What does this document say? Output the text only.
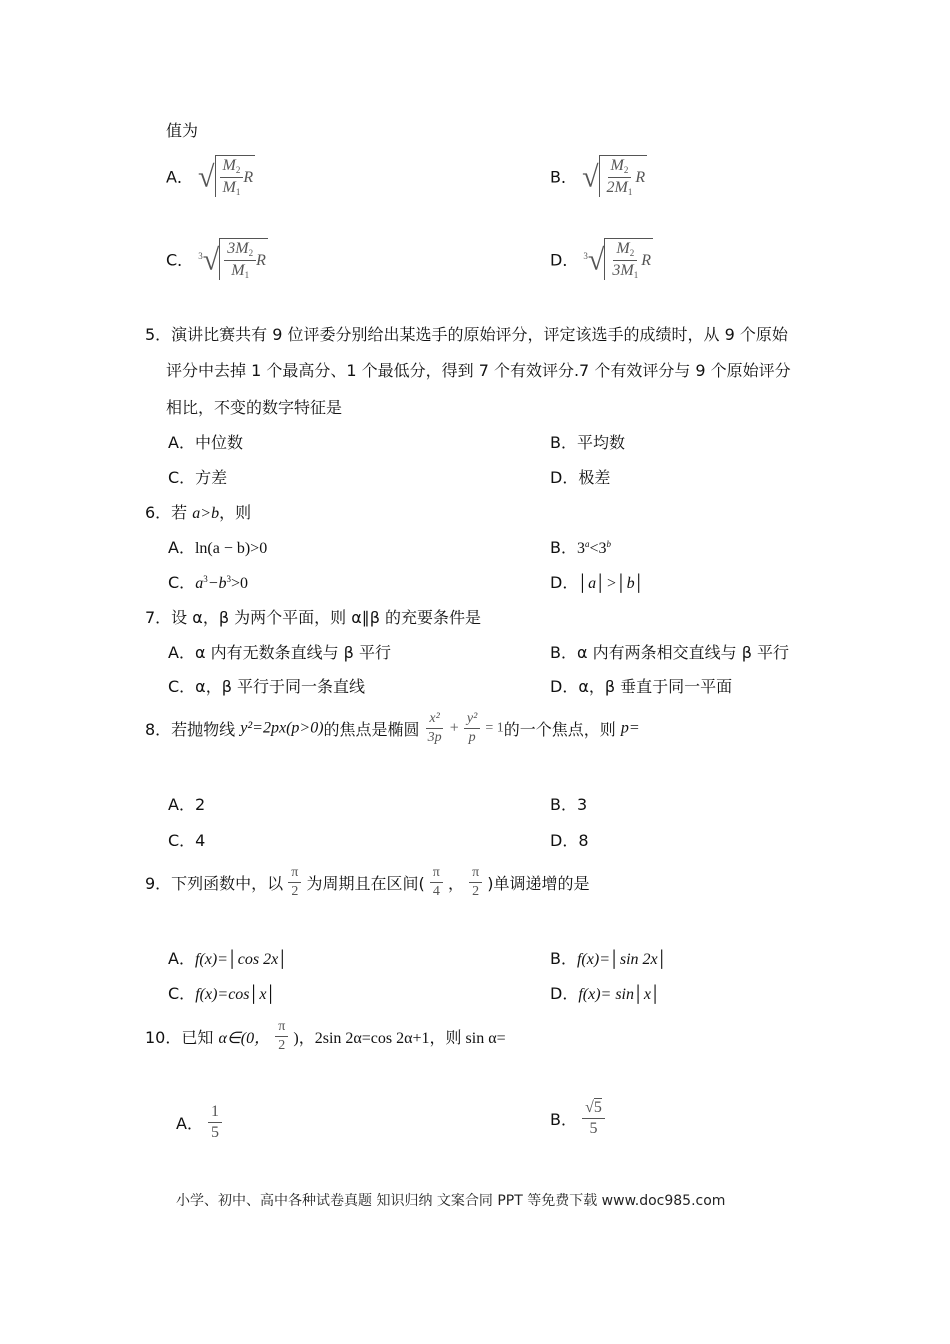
值为
A． √ $\frac{M_2}{M_1}$ R	B． √ $\frac{M_2}{2M_1}$ R
C． $^3√ \frac{3M_2}{M_1}$ R	D． $^3√ \frac{M_2}{3M_1}$ R
5．演讲比赛共有 9 位评委分别给出某选手的原始评分，评定该选手的成绩时，从 9 个原始
评分中去掉 1 个最高分、1 个最低分，得到 7 个有效评分.7 个有效评分与 9 个原始评分
相比，不变的数字特征是
A．中位数	B．平均数
C．方差	D．极差
6．若 a>b，则
A．ln(a − b)>0	B．$3^a<3^b$
C．$a^3-b^3>0$	D．│a│>│b│
7．设 α，β 为两个平面，则 α∥β 的充要条件是
A．α 内有无数条直线与 β 平行	B．α 内有两条相交直线与 β 平行
C．α，β 平行于同一条直线	D．α，β 垂直于同一平面
8．若抛物线 y²=2px(p>0)的焦点是椭圆 $\frac{\text{x²}}{3p} + \frac{\text{y²}}{p} = 1$的一个焦点，则 p=
A．2	B．3
C．4	D．8
9．下列函数中，以 $\frac{\pi}{2}$ 为周期且在区间( $\frac{\pi}{4}$ ， $\frac{\pi}{2}$ )单调递增的是
A．f(x)=│cos 2x│	B．f(x)=│sin 2x│
C．f(x)=cos│x│	D．f(x)= sin│x│
10．已知 α∈(0， $\frac{\pi}{2}$ )，2sin 2α=cos 2α+1，则 sin α=
A． $\frac{1}{5}$	B． $\frac{√5}{5}$
小学、初中、高中各种试卷真题 知识归纳 文案合同 PPT 等免费下载 www.doc985.com
